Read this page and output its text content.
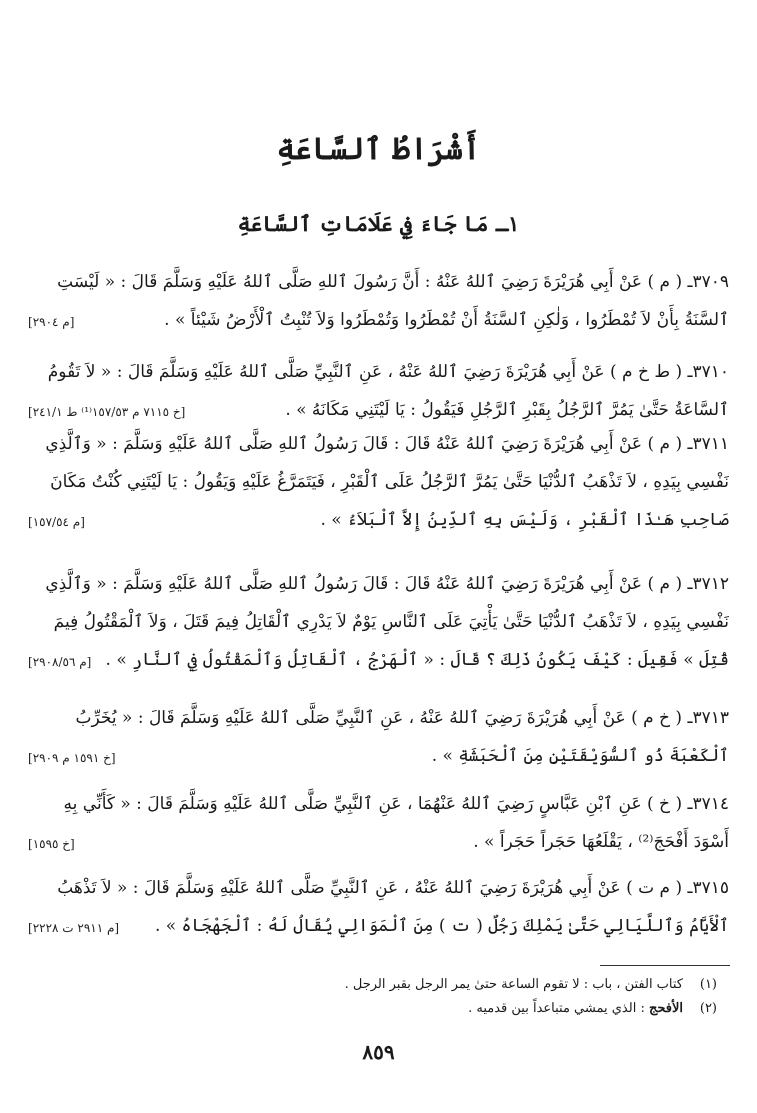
أَشْرَاطُ ٱلسَّاعَةِ
١ـ مَا جَاءَ فِي عَلَامَاتِ ٱلسَّاعَةِ
٣٧٠٩ـ ( م ) عَنْ أَبِي هُرَيْرَةَ رَضِيَ ٱللهُ عَنْهُ : أَنَّ رَسُولَ ٱللهِ صَلَّى ٱللهُ عَلَيْهِ وَسَلَّمَ قَالَ : « لَيْسَتِ
ٱلسَّنَةُ بِأَنْ لاَ تُمْطَرُوا ، وَلٰكِنِ ٱلسَّنَةُ أَنْ تُمْطَرُوا وَتُمْطَرُوا وَلاَ تُنْبِتُ ٱلْأَرْضُ شَيْئاً » .
[م ٢٩٠٤]
٣٧١٠ـ ( ط خ م ) عَنْ أَبِي هُرَيْرَةَ رَضِيَ ٱللهُ عَنْهُ ، عَنِ ٱلنَّبِيِّ صَلَّى ٱللهُ عَلَيْهِ وَسَلَّمَ قَالَ : « لاَ تَقُومُ
ٱلسَّاعَةُ حَتَّىٰ يَمُرَّ ٱلرَّجُلُ بِقَبْرِ ٱلرَّجُلِ فَيَقُولُ : يَا لَيْتَنِي مَكَانَهُ » .
[خ ٧١١٥ م ١٥٧/٥٣⁽¹⁾ ط ٢٤١/١]
٣٧١١ـ ( م ) عَنْ أَبِي هُرَيْرَةَ رَضِيَ ٱللهُ عَنْهُ قَالَ : قَالَ رَسُولُ ٱللهِ صَلَّى ٱللهُ عَلَيْهِ وَسَلَّمَ : « وَٱلَّذِي
نَفْسِي بِيَدِهِ ، لاَ تَذْهَبُ ٱلدُّنْيَا حَتَّىٰ يَمُرَّ ٱلرَّجُلُ عَلَى ٱلْقَبْرِ ، فَيَتَمَرَّغُ عَلَيْهِ وَيَقُولُ : يَا لَيْتَنِي كُنْتُ مَكَانَ
صَاحِبِ هَـٰذَا ٱلْقَبْرِ ، وَلَيْسَ بِهِ ٱلدِّينُ إِلاَّ ٱلْبَلاَءُ » .
[م ١٥٧/٥٤]
٣٧١٢ـ ( م ) عَنْ أَبِي هُرَيْرَةَ رَضِيَ ٱللهُ عَنْهُ قَالَ : قَالَ رَسُولُ ٱللهِ صَلَّى ٱللهُ عَلَيْهِ وَسَلَّمَ : « وَٱلَّذِي
نَفْسِي بِيَدِهِ ، لاَ تَذْهَبُ ٱلدُّنْيَا حَتَّىٰ يَأْتِيَ عَلَى ٱلنَّاسِ يَوْمٌ لاَ يَدْرِي ٱلْقَاتِلُ فِيمَ قَتَلَ ، وَلاَ ٱلْمَقْتُولُ فِيمَ
قُتِلَ » فَقِيلَ : كَيْفَ يَكُونُ ذَلِكَ ؟ قَالَ : « ٱلْهَرْجُ ، ٱلْقَاتِلُ وَٱلْمَقْتُولُ فِي ٱلنَّارِ » .
[م ٢٩٠٨/٥٦]
٣٧١٣ـ ( خ م ) عَنْ أَبِي هُرَيْرَةَ رَضِيَ ٱللهُ عَنْهُ ، عَنِ ٱلنَّبِيِّ صَلَّى ٱللهُ عَلَيْهِ وَسَلَّمَ قَالَ : « يُخَرِّبُ
ٱلْكَعْبَةَ ذُو ٱلسُّوَيْقَتَيْنِ مِنَ ٱلْحَبَشَةِ » .
[خ ١٥٩١ م ٢٩٠٩]
٣٧١٤ـ ( خ ) عَنِ ٱبْنِ عَبَّاسٍ رَضِيَ ٱللهُ عَنْهُمَا ، عَنِ ٱلنَّبِيِّ صَلَّى ٱللهُ عَلَيْهِ وَسَلَّمَ قَالَ : « كَأَنِّي بِهِ
أَسْوَدَ أَفْحَجَ⁽²⁾ ، يَقْلَعُهَا حَجَراً حَجَراً » .
[خ ١٥٩٥]
٣٧١٥ـ ( م ت ) عَنْ أَبِي هُرَيْرَةَ رَضِيَ ٱللهُ عَنْهُ ، عَنِ ٱلنَّبِيِّ صَلَّى ٱللهُ عَلَيْهِ وَسَلَّمَ قَالَ : « لاَ تَذْهَبُ
ٱلْأَيَّامُ وَٱللَّيَالِي حَتَّىٰ يَمْلِكَ رَجُلٌ ( ت ) مِنَ ٱلْمَوَالِي يُقَالُ لَهُ : ٱلْجَهْجَاهُ » .
[م ٢٩١١ ت ٢٢٢٨]
(١)كتاب الفتن ، باب : لا تقوم الساعة حتىٰ يمر الرجل بقبر الرجل .
(٢)الأفحج : الذي يمشي متباعداً بين قدميه .
٨٥٩
